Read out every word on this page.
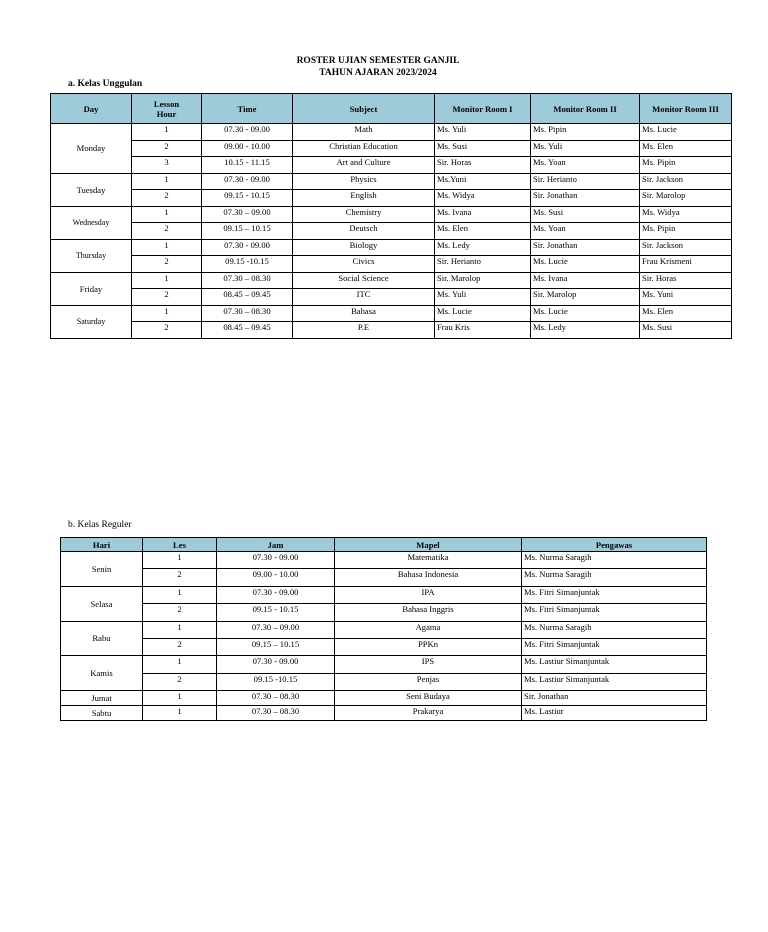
ROSTER UJIAN SEMESTER GANJIL
TAHUN AJARAN 2023/2024
a. Kelas Unggulan
Day	Lesson Hour	Time	Subject	Monitor Room I	Monitor Room II	Monitor Room III
Monday	1	07.30 - 09.00	Math	Ms. Yuli	Ms. Pipin	Ms. Lucie
	2	09.00 - 10.00	Christian Education	Ms. Susi	Ms. Yuli	Ms. Elen
	3	10.15 - 11.15	Art and Culture	Sir. Horas	Ms. Yoan	Ms. Pipin
Tuesday	1	07.30 - 09.00	Physics	Ms.Yuni	Sir. Herianto	Sir. Jackson
	2	09.15 - 10.15	English	Ms. Widya	Sir. Jonathan	Sir. Marolop
Wednesday	1	07.30 – 09.00	Chemistry	Ms. Ivana	Ms. Susi	Ms. Widya
	2	09.15 – 10.15	Deutsch	Ms. Elen	Ms. Yoan	Ms. Pipin
Thursday	1	07.30 - 09.00	Biology	Ms. Ledy	Sir. Jonathan	Sir. Jackson
	2	09.15 -10.15	Civics	Sir. Herianto	Ms. Lucie	Frau Krismeni
Friday	1	07.30 – 08.30	Social Science	Sir. Marolop	Ms. Ivana	Sir. Horas
	2	08.45 – 09.45	ITC	Ms. Yuli	Sir. Marolop	Ms. Yuni
Saturday	1	07.30 – 08.30	Bahasa	Ms. Lucie	Ms. Lucie	Ms. Elen
	2	08.45 – 09.45	P.E	Frau Kris	Ms. Ledy	Ms. Susi
b. Kelas Reguler
Hari	Les	Jam	Mapel	Pengawas
Senin	1	07.30 - 09.00	Matematika	Ms. Nurma Saragih
	2	09.00 - 10.00	Bahasa Indonesia	Ms. Nurma Saragih
Selasa	1	07.30 - 09.00	IPA	Ms. Fitri Simanjuntak
	2	09.15 - 10.15	Bahasa Inggris	Ms. Fitri Simanjuntak
Rabu	1	07.30 – 09.00	Agama	Ms. Nurma Saragih
	2	09.15 – 10.15	PPKn	Ms. Fitri Simanjuntak
Kamis	1	07.30 - 09.00	IPS	Ms. Lastiur Simanjuntak
	2	09.15 -10.15	Penjas	Ms. Lastiur Simanjuntak
Jumat	1	07.30 – 08.30	Seni Budaya	Sir. Jonathan
Sabtu	1	07.30 – 08.30	Prakarya	Ms. Lastiur
